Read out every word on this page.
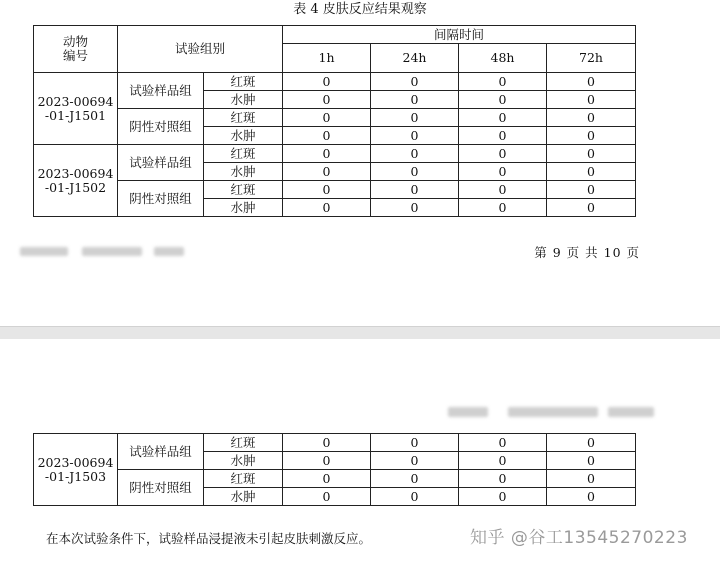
表 4 皮肤反应结果观察
动物
编号	试验组别		间隔时间			
			1h	24h	48h	72h
2023-00694
-01-J1501	试验样品组	红斑	0	0	0	0
		水肿	0	0	0	0
	阴性对照组	红斑	0	0	0	0
		水肿	0	0	0	0
2023-00694
-01-J1502	试验样品组	红斑	0	0	0	0
		水肿	0	0	0	0
	阴性对照组	红斑	0	0	0	0
		水肿	0	0	0	0
第 9 页 共 10 页
2023-00694
-01-J1503	试验样品组	红斑	0	0	0	0
		水肿	0	0	0	0
	阴性对照组	红斑	0	0	0	0
		水肿	0	0	0	0
在本次试验条件下，试验样品浸提液未引起皮肤刺激反应。	知乎 @谷工13545270223
